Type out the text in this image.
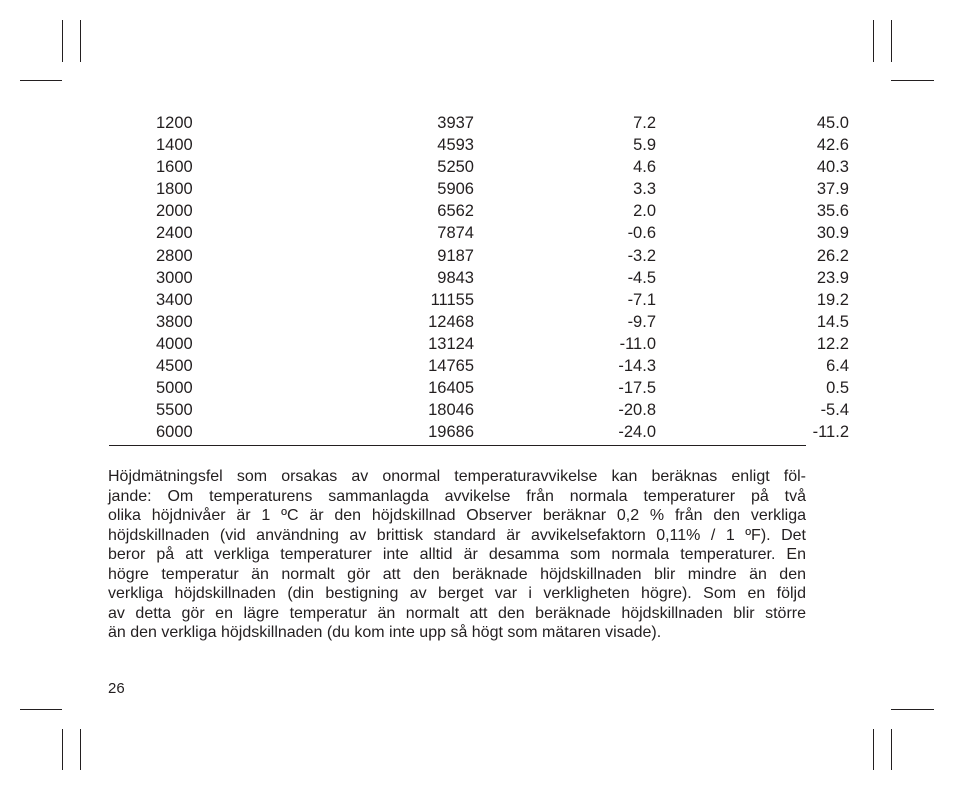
1200	3937	7.2	45.0
1400	4593	5.9	42.6
1600	5250	4.6	40.3
1800	5906	3.3	37.9
2000	6562	2.0	35.6
2400	7874	-0.6	30.9
2800	9187	-3.2	26.2
3000	9843	-4.5	23.9
3400	11155	-7.1	19.2
3800	12468	-9.7	14.5
4000	13124	-11.0	12.2
4500	14765	-14.3	6.4
5000	16405	-17.5	0.5
5500	18046	-20.8	-5.4
6000	19686	-24.0	-11.2
Höjdmätningsfel som orsakas av onormal temperaturavvikelse kan beräknas enligt föl-
jande: Om temperaturens sammanlagda avvikelse från normala temperaturer på två
olika höjdnivåer är 1 ºC är den höjdskillnad Observer beräknar 0,2 % från den verkliga
höjdskillnaden (vid användning av brittisk standard är avvikelsefaktorn 0,11% / 1 ºF). Det
beror på att verkliga temperaturer inte alltid är desamma som normala temperaturer. En
högre temperatur än normalt gör att den beräknade höjdskillnaden blir mindre än den
verkliga höjdskillnaden (din bestigning av berget var i verkligheten högre). Som en följd
av detta gör en lägre temperatur än normalt att den beräknade höjdskillnaden blir större
än den verkliga höjdskillnaden (du kom inte upp så högt som mätaren visade).
26
